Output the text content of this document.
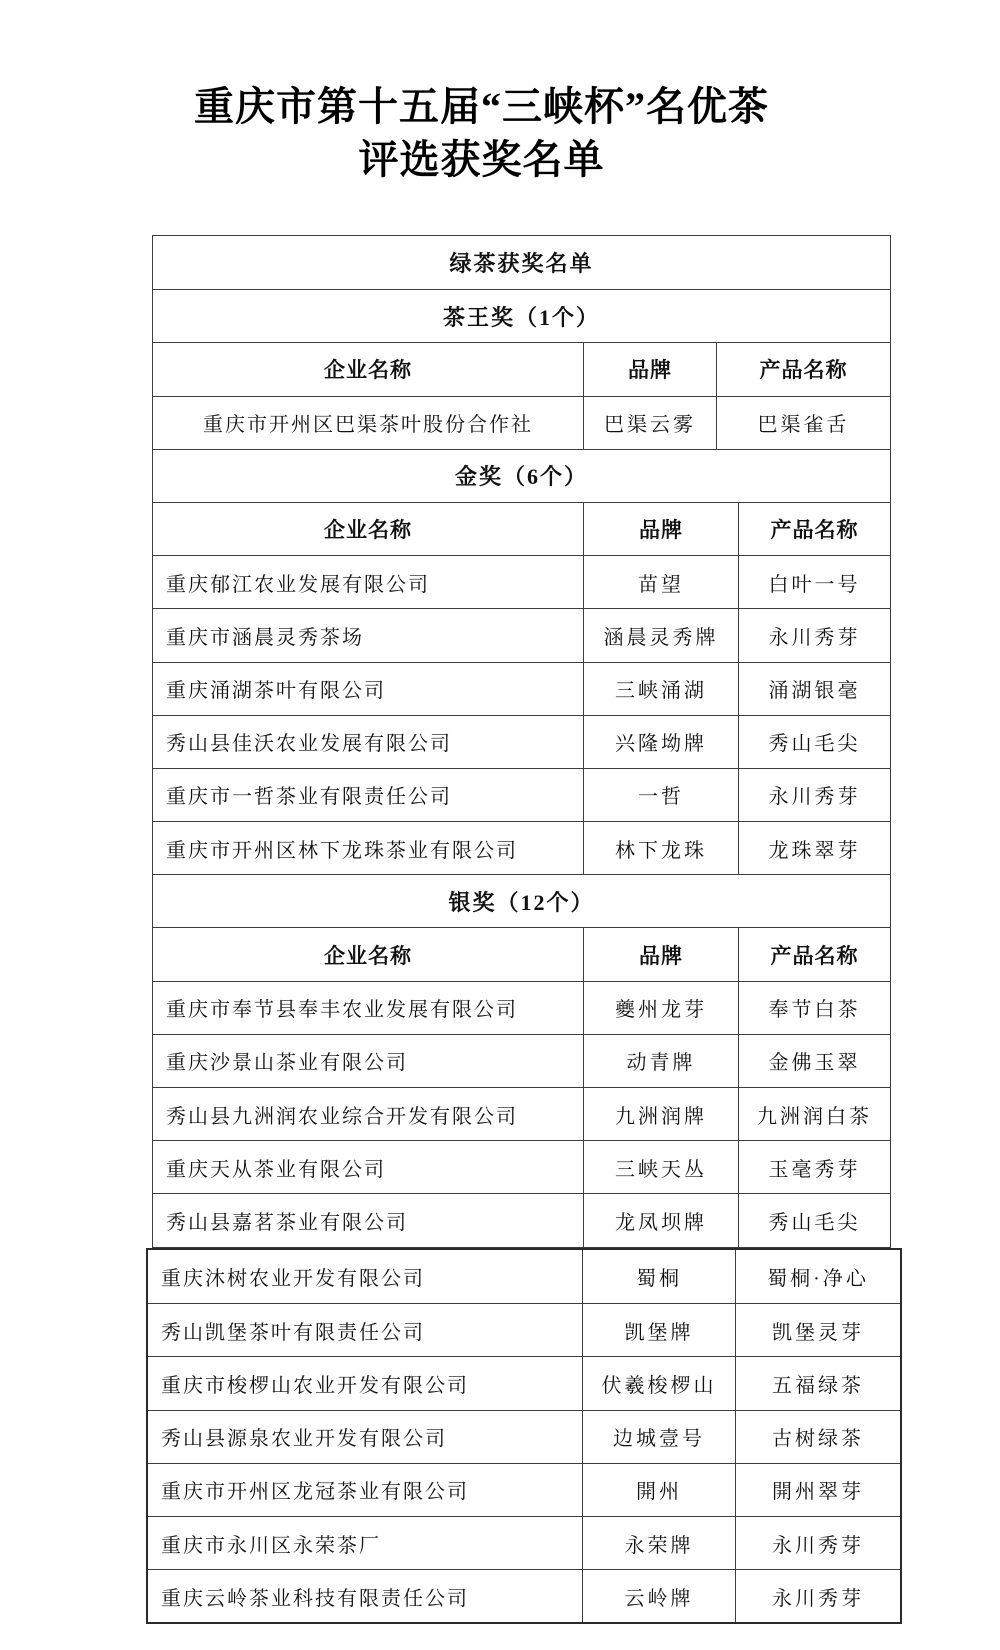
重庆市第十五届“三峡杯”名优茶
评选获奖名单
绿茶获奖名单
茶王奖（1个）
企业名称	品牌	产品名称
重庆市开州区巴渠茶叶股份合作社	巴渠云雾	巴渠雀舌
金奖（6个）
企业名称	品牌	产品名称
重庆郁江农业发展有限公司	苗望	白叶一号
重庆市涵晨灵秀茶场	涵晨灵秀牌	永川秀芽
重庆涌湖茶叶有限公司	三峡涌湖	涌湖银毫
秀山县佳沃农业发展有限公司	兴隆坳牌	秀山毛尖
重庆市一哲茶业有限责任公司	一哲	永川秀芽
重庆市开州区林下龙珠茶业有限公司	林下龙珠	龙珠翠芽
银奖（12个）
企业名称	品牌	产品名称
重庆市奉节县奉丰农业发展有限公司	夔州龙芽	奉节白茶
重庆沙景山茶业有限公司	动青牌	金佛玉翠
秀山县九洲润农业综合开发有限公司	九洲润牌	九洲润白茶
重庆天从茶业有限公司	三峡天丛	玉毫秀芽
秀山县嘉茗茶业有限公司	龙凤坝牌	秀山毛尖
重庆沐树农业开发有限公司	蜀桐	蜀桐·净心
秀山凯堡茶叶有限责任公司	凯堡牌	凯堡灵芽
重庆市梭椤山农业开发有限公司	伏羲梭椤山	五福绿茶
秀山县源泉农业开发有限公司	边城壹号	古树绿茶
重庆市开州区龙冠茶业有限公司	開州	開州翠芽
重庆市永川区永荣茶厂	永荣牌	永川秀芽
重庆云岭茶业科技有限责任公司	云岭牌	永川秀芽
